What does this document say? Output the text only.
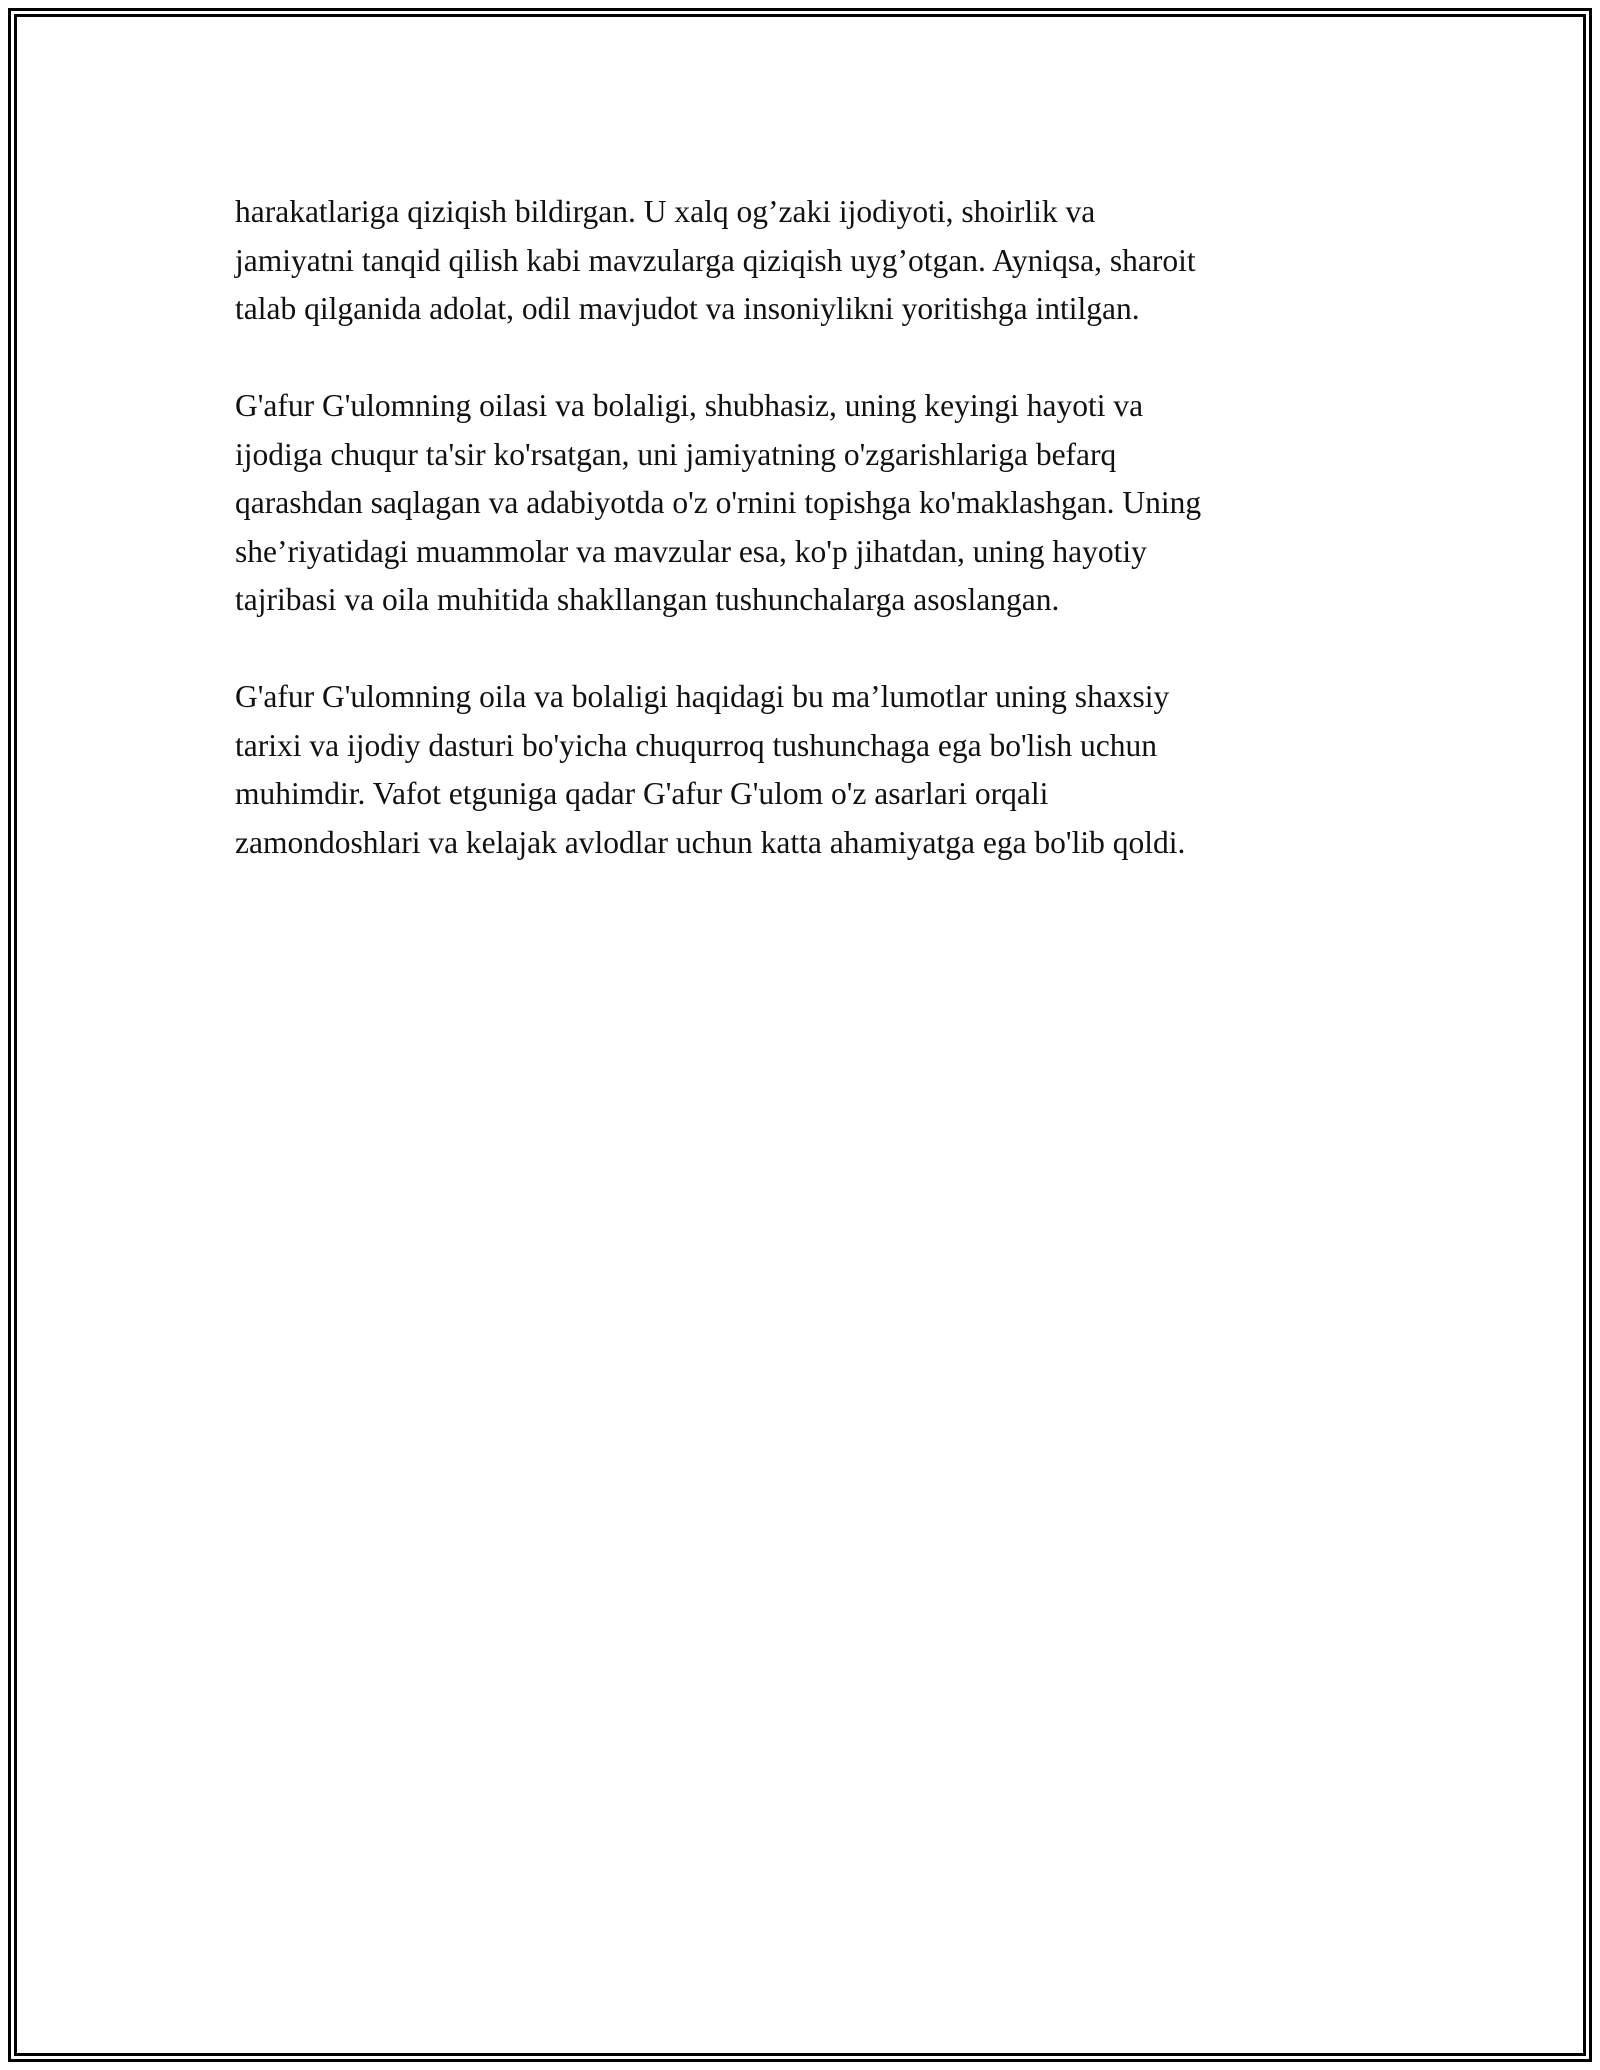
harakatlariga qiziqish bildirgan. U xalq og’zaki ijodiyoti, shoirlik va
jamiyatni tanqid qilish kabi mavzularga qiziqish uyg’otgan. Ayniqsa, sharoit
talab qilganida adolat, odil mavjudot va insoniylikni yoritishga intilgan.

G'afur G'ulomning oilasi va bolaligi, shubhasiz, uning keyingi hayoti va
ijodiga chuqur ta'sir ko'rsatgan, uni jamiyatning o'zgarishlariga befarq
qarashdan saqlagan va adabiyotda o'z o'rnini topishga ko'maklashgan. Uning
she’riyatidagi muammolar va mavzular esa, ko'p jihatdan, uning hayotiy
tajribasi va oila muhitida shakllangan tushunchalarga asoslangan.

G'afur G'ulomning oila va bolaligi haqidagi bu ma’lumotlar uning shaxsiy
tarixi va ijodiy dasturi bo'yicha chuqurroq tushunchaga ega bo'lish uchun
muhimdir. Vafot etguniga qadar G'afur G'ulom o'z asarlari orqali
zamondoshlari va kelajak avlodlar uchun katta ahamiyatga ega bo'lib qoldi.
